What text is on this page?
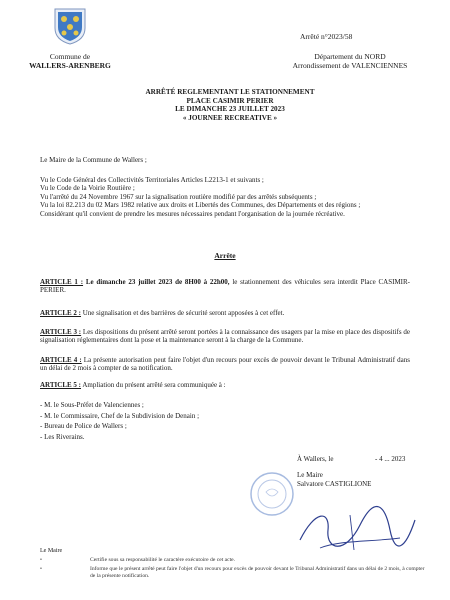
Commune de
WALLERS-ARENBERG
Arrêté n°2023/58
Département du NORD
Arrondissement de VALENCIENNES
ARRÊTÉ REGLEMENTANT LE STATIONNEMENT
PLACE CASIMIR PERIER
LE DIMANCHE 23 JUILLET 2023
« JOURNEE RECREATIVE »
Le Maire de la Commune de Wallers ;
Vu le Code Général des Collectivités Territoriales Articles L2213-1 et suivants ;
Vu le Code de la Voirie Routière ;
Vu l'arrêté du 24 Novembre 1967 sur la signalisation routière modifié par des arrêtés subséquents ;
Vu la loi 82.213 du 02 Mars 1982 relative aux droits et Libertés des Communes, des Départements et des régions ;
Considérant qu'il convient de prendre les mesures nécessaires pendant l'organisation de la journée récréative.
Arrête
ARTICLE 1 : Le dimanche 23 juillet 2023 de 8H00 à 22h00, le stationnement des véhicules sera interdit Place CASIMIR-PERIER.
ARTICLE 2 : Une signalisation et des barrières de sécurité seront apposées à cet effet.
ARTICLE 3 : Les dispositions du présent arrêté seront portées à la connaissance des usagers par la mise en place des dispositifs de signalisation réglementaires dont la pose et la maintenance seront à la charge de la Commune.
ARTICLE 4 : La présente autorisation peut faire l'objet d'un recours pour excès de pouvoir devant le Tribunal Administratif dans un délai de 2 mois à compter de sa notification.
ARTICLE 5 : Ampliation du présent arrêté sera communiquée à :
- M. le Sous-Préfet de Valenciennes ;
- M. le Commissaire, Chef de la Subdivision de Denain ;
- Bureau de Police de Wallers ;
- Les Riverains.
À Wallers, le	- 4 ... 2023
Le Maire
Salvatore CASTIGLIONE
Le Maire
•
•
Certifie sous sa responsabilité le caractère exécutoire de cet acte.
Informe que le présent arrêté peut faire l'objet d'un recours pour excès de pouvoir devant le Tribunal Administratif dans un délai de 2 mois, à compter de la présente notification.
